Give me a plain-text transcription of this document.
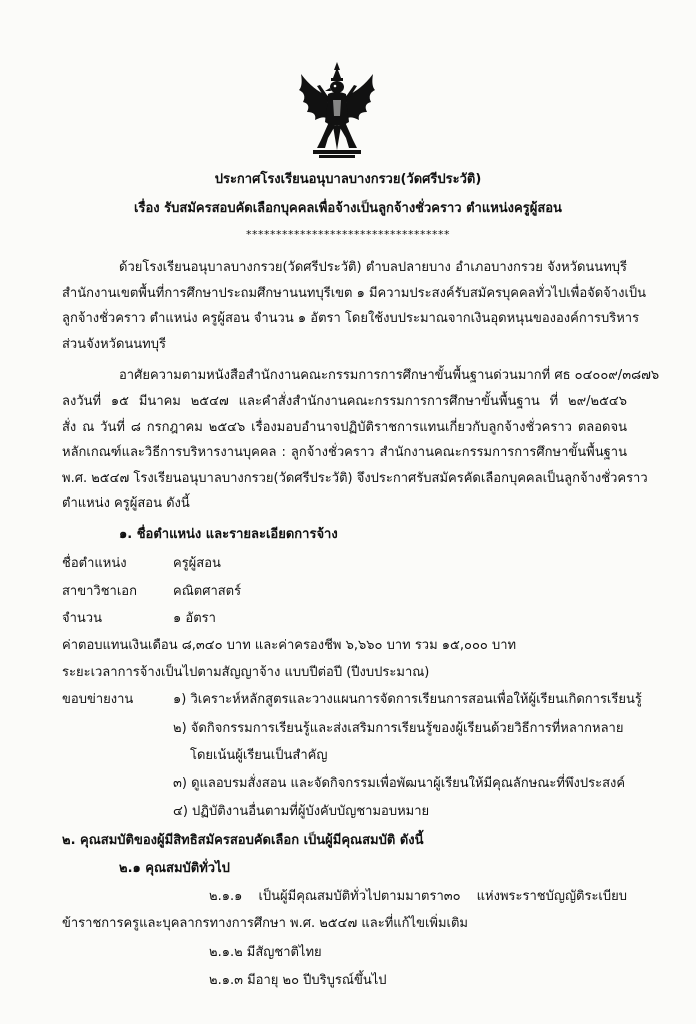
ประกาศโรงเรียนอนุบาลบางกรวย(วัดศรีประวัติ)
เรื่อง รับสมัครสอบคัดเลือกบุคคลเพื่อจ้างเป็นลูกจ้างชั่วคราว ตำแหน่งครูผู้สอน
**********************************
ด้วยโรงเรียนอนุบาลบางกรวย(วัดศรีประวัติ) ตำบลปลายบาง อำเภอบางกรวย จังหวัดนนทบุรี
สำนักงานเขตพื้นที่การศึกษาประถมศึกษานนทบุรีเขต ๑ มีความประสงค์รับสมัครบุคคลทั่วไปเพื่อจัดจ้างเป็น
ลูกจ้างชั่วคราว ตำแหน่ง ครูผู้สอน จำนวน ๑ อัตรา โดยใช้งบประมาณจากเงินอุดหนุนขององค์การบริหาร
ส่วนจังหวัดนนทบุรี
อาศัยความตามหนังสือสำนักงานคณะกรรมการการศึกษาขั้นพื้นฐานด่วนมากที่ ศธ ๐๔๐๐๙/๓๘๗๖
ลงวันที่ ๑๕ มีนาคม ๒๕๔๗ และคำสั่งสำนักงานคณะกรรมการการศึกษาขั้นพื้นฐาน ที่ ๒๙/๒๕๔๖
สั่ง ณ วันที่ ๘ กรกฎาคม ๒๕๔๖ เรื่องมอบอำนาจปฏิบัติราชการแทนเกี่ยวกับลูกจ้างชั่วคราว ตลอดจน
หลักเกณฑ์และวิธีการบริหารงานบุคคล : ลูกจ้างชั่วคราว สำนักงานคณะกรรมการการศึกษาขั้นพื้นฐาน
พ.ศ. ๒๕๔๗ โรงเรียนอนุบาลบางกรวย(วัดศรีประวัติ) จึงประกาศรับสมัครคัดเลือกบุคคลเป็นลูกจ้างชั่วคราว
ตำแหน่ง ครูผู้สอน ดังนี้
๑. ชื่อตำแหน่ง และรายละเอียดการจ้าง
ชื่อตำแหน่ง	ครูผู้สอน
สาขาวิชาเอก	คณิตศาสตร์
จำนวน	๑ อัตรา
ค่าตอบแทนเงินเดือน ๘,๓๔๐ บาท และค่าครองชีพ ๖,๖๖๐ บาท รวม ๑๕,๐๐๐ บาท
ระยะเวลาการจ้างเป็นไปตามสัญญาจ้าง แบบปีต่อปี (ปีงบประมาณ)
ขอบข่ายงาน	๑) วิเคราะห์หลักสูตรและวางแผนการจัดการเรียนการสอนเพื่อให้ผู้เรียนเกิดการเรียนรู้
๒) จัดกิจกรรมการเรียนรู้และส่งเสริมการเรียนรู้ของผู้เรียนด้วยวิธีการที่หลากหลาย
โดยเน้นผู้เรียนเป็นสำคัญ
๓) ดูแลอบรมสั่งสอน และจัดกิจกรรมเพื่อพัฒนาผู้เรียนให้มีคุณลักษณะที่พึงประสงค์
๔) ปฏิบัติงานอื่นตามที่ผู้บังคับบัญชามอบหมาย
๒. คุณสมบัติของผู้มีสิทธิสมัครสอบคัดเลือก เป็นผู้มีคุณสมบัติ ดังนี้
๒.๑ คุณสมบัติทั่วไป
๒.๑.๑ เป็นผู้มีคุณสมบัติทั่วไปตามมาตรา๓๐ แห่งพระราชบัญญัติระเบียบ
ข้าราชการครูและบุคลากรทางการศึกษา พ.ศ. ๒๕๔๗ และที่แก้ไขเพิ่มเติม
๒.๑.๒ มีสัญชาติไทย
๒.๑.๓ มีอายุ ๒๐ ปีบริบูรณ์ขึ้นไป
